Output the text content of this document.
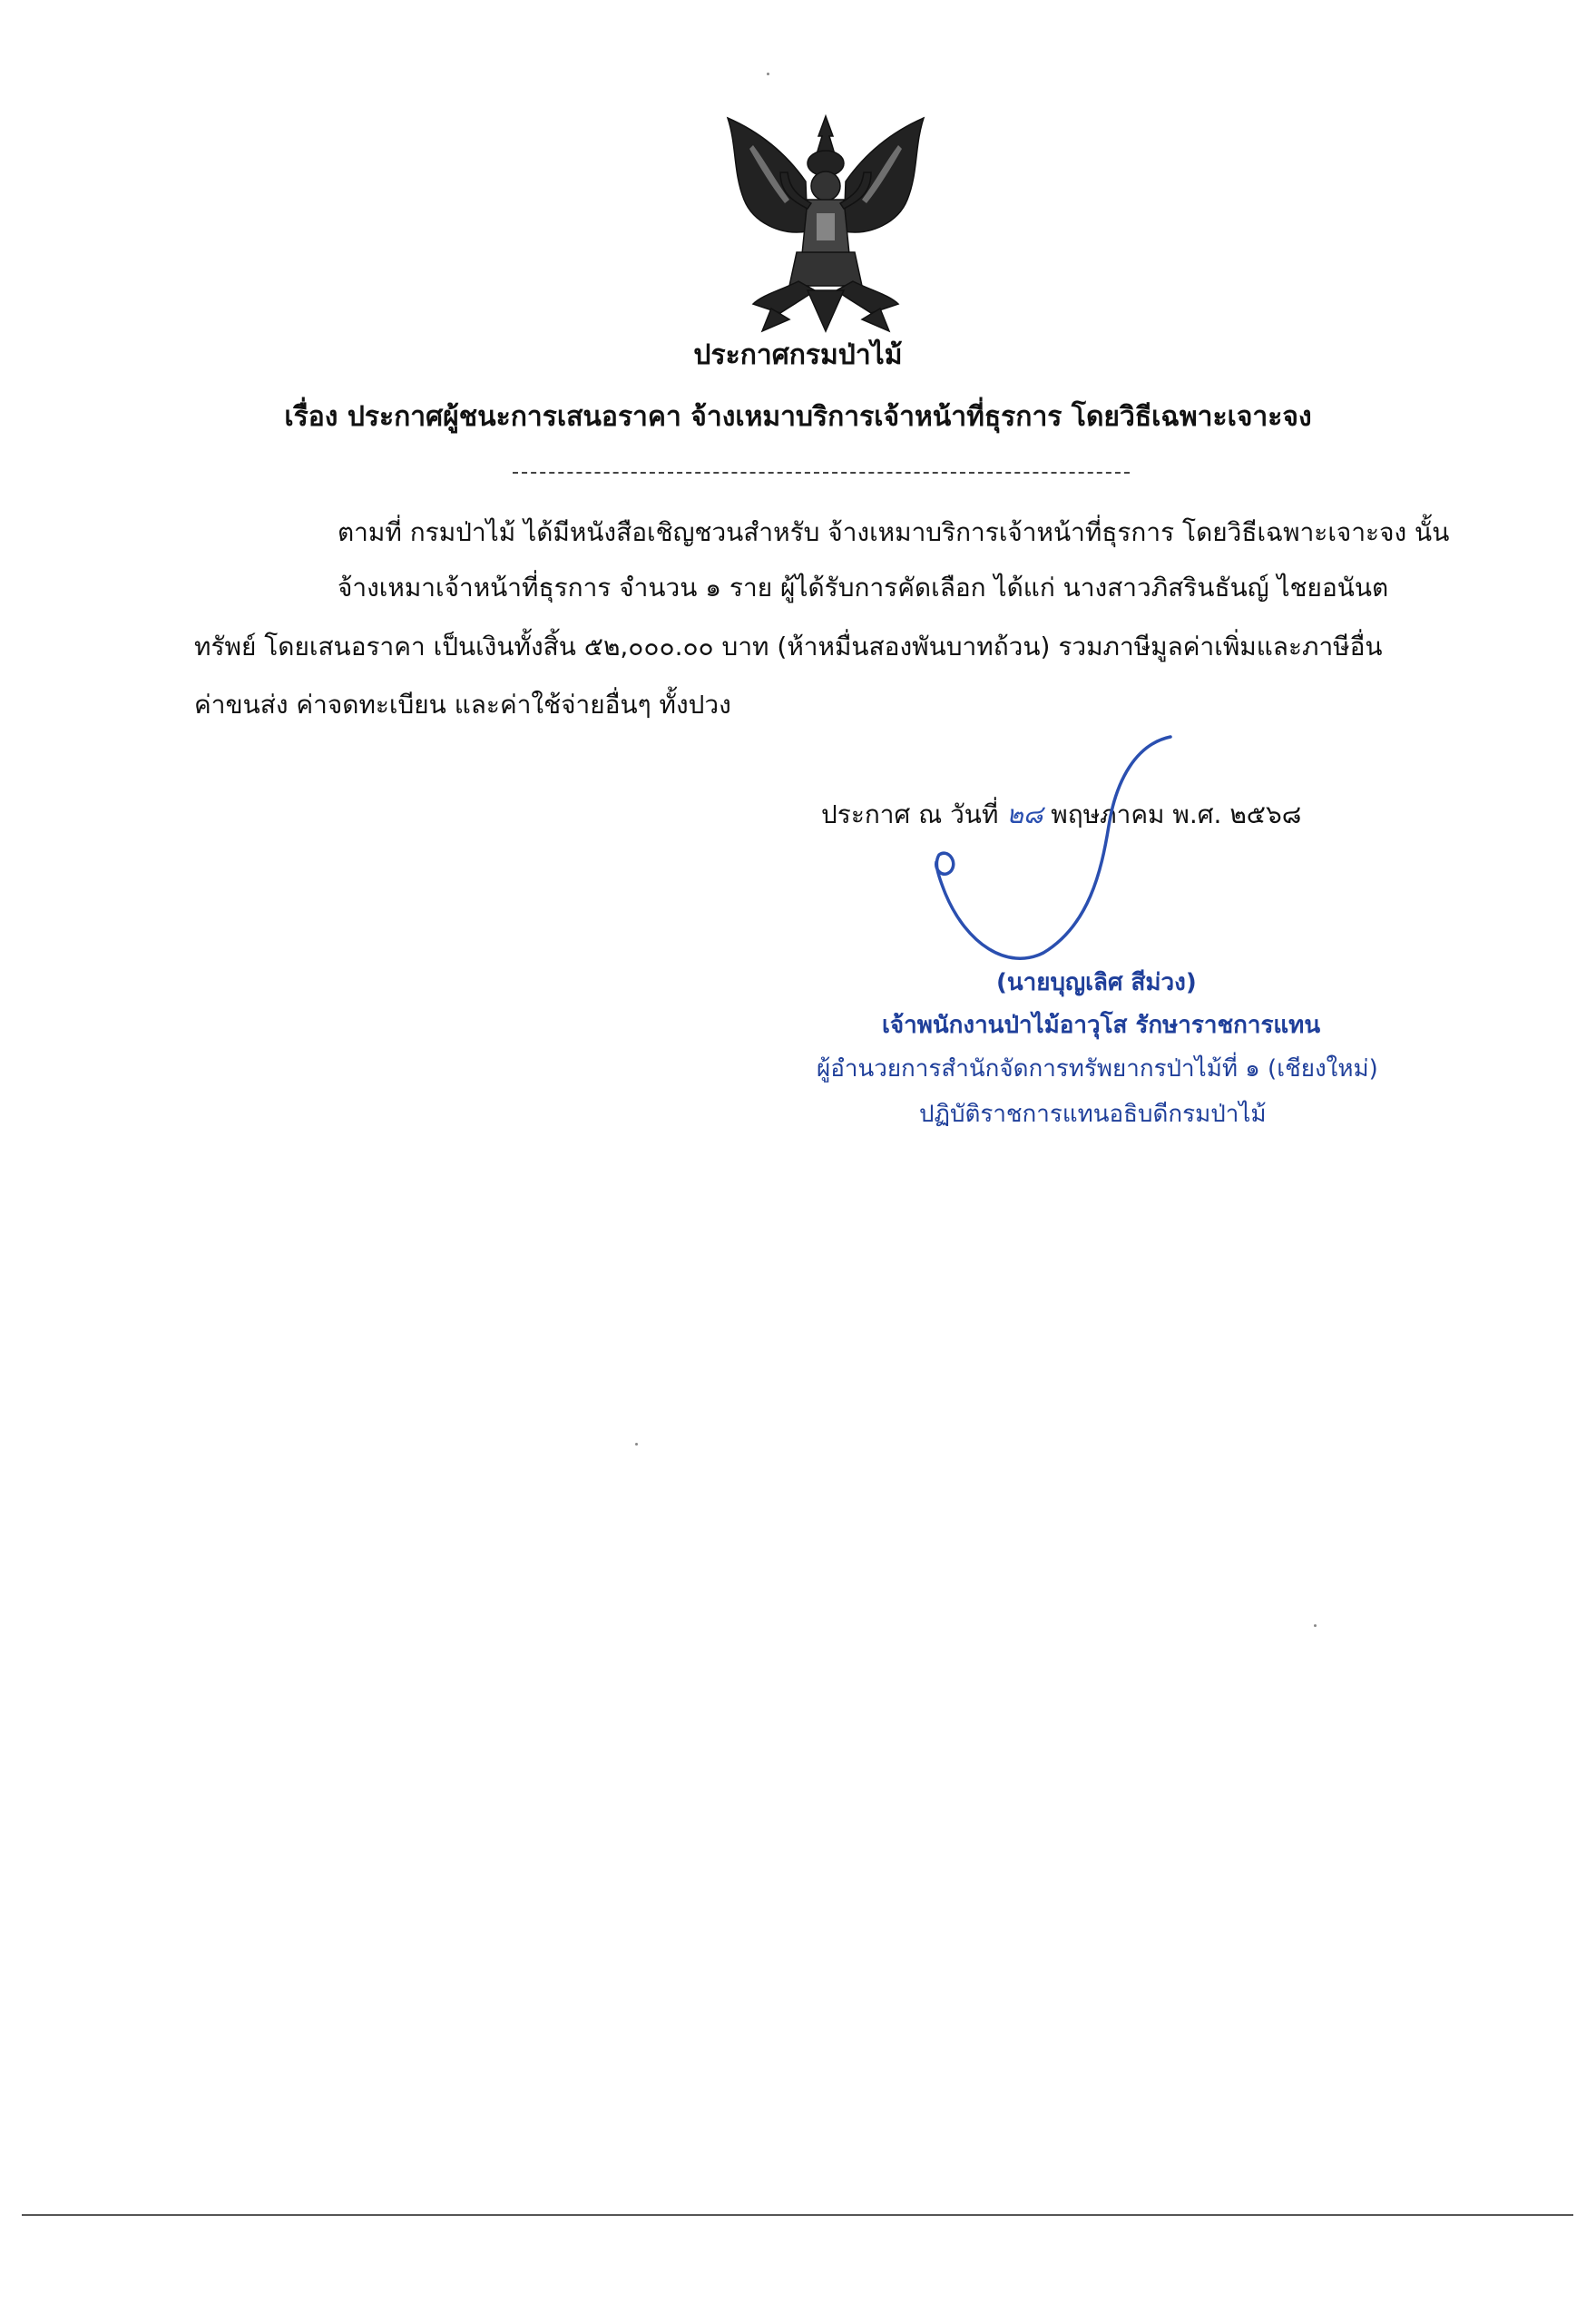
ประกาศกรมป่าไม้
เรื่อง ประกาศผู้ชนะการเสนอราคา จ้างเหมาบริการเจ้าหน้าที่ธุรการ โดยวิธีเฉพาะเจาะจง
ตามที่ กรมป่าไม้ ได้มีหนังสือเชิญชวนสำหรับ จ้างเหมาบริการเจ้าหน้าที่ธุรการ โดยวิธีเฉพาะเจาะจง นั้น
จ้างเหมาเจ้าหน้าที่ธุรการ จำนวน ๑ ราย ผู้ได้รับการคัดเลือก ได้แก่ นางสาวภิสรินธันญ์ ไชยอนันต
ทรัพย์ โดยเสนอราคา เป็นเงินทั้งสิ้น ๕๒,๐๐๐.๐๐ บาท (ห้าหมื่นสองพันบาทถ้วน) รวมภาษีมูลค่าเพิ่มและภาษีอื่น
ค่าขนส่ง ค่าจดทะเบียน และค่าใช้จ่ายอื่นๆ ทั้งปวง
ประกาศ ณ วันที่ ๒๘ พฤษภาคม พ.ศ. ๒๕๖๘
(นายบุญเลิศ สีม่วง)
เจ้าพนักงานป่าไม้อาวุโส รักษาราชการแทน
ผู้อำนวยการสำนักจัดการทรัพยากรป่าไม้ที่ ๑ (เชียงใหม่)
ปฏิบัติราชการแทนอธิบดีกรมป่าไม้
